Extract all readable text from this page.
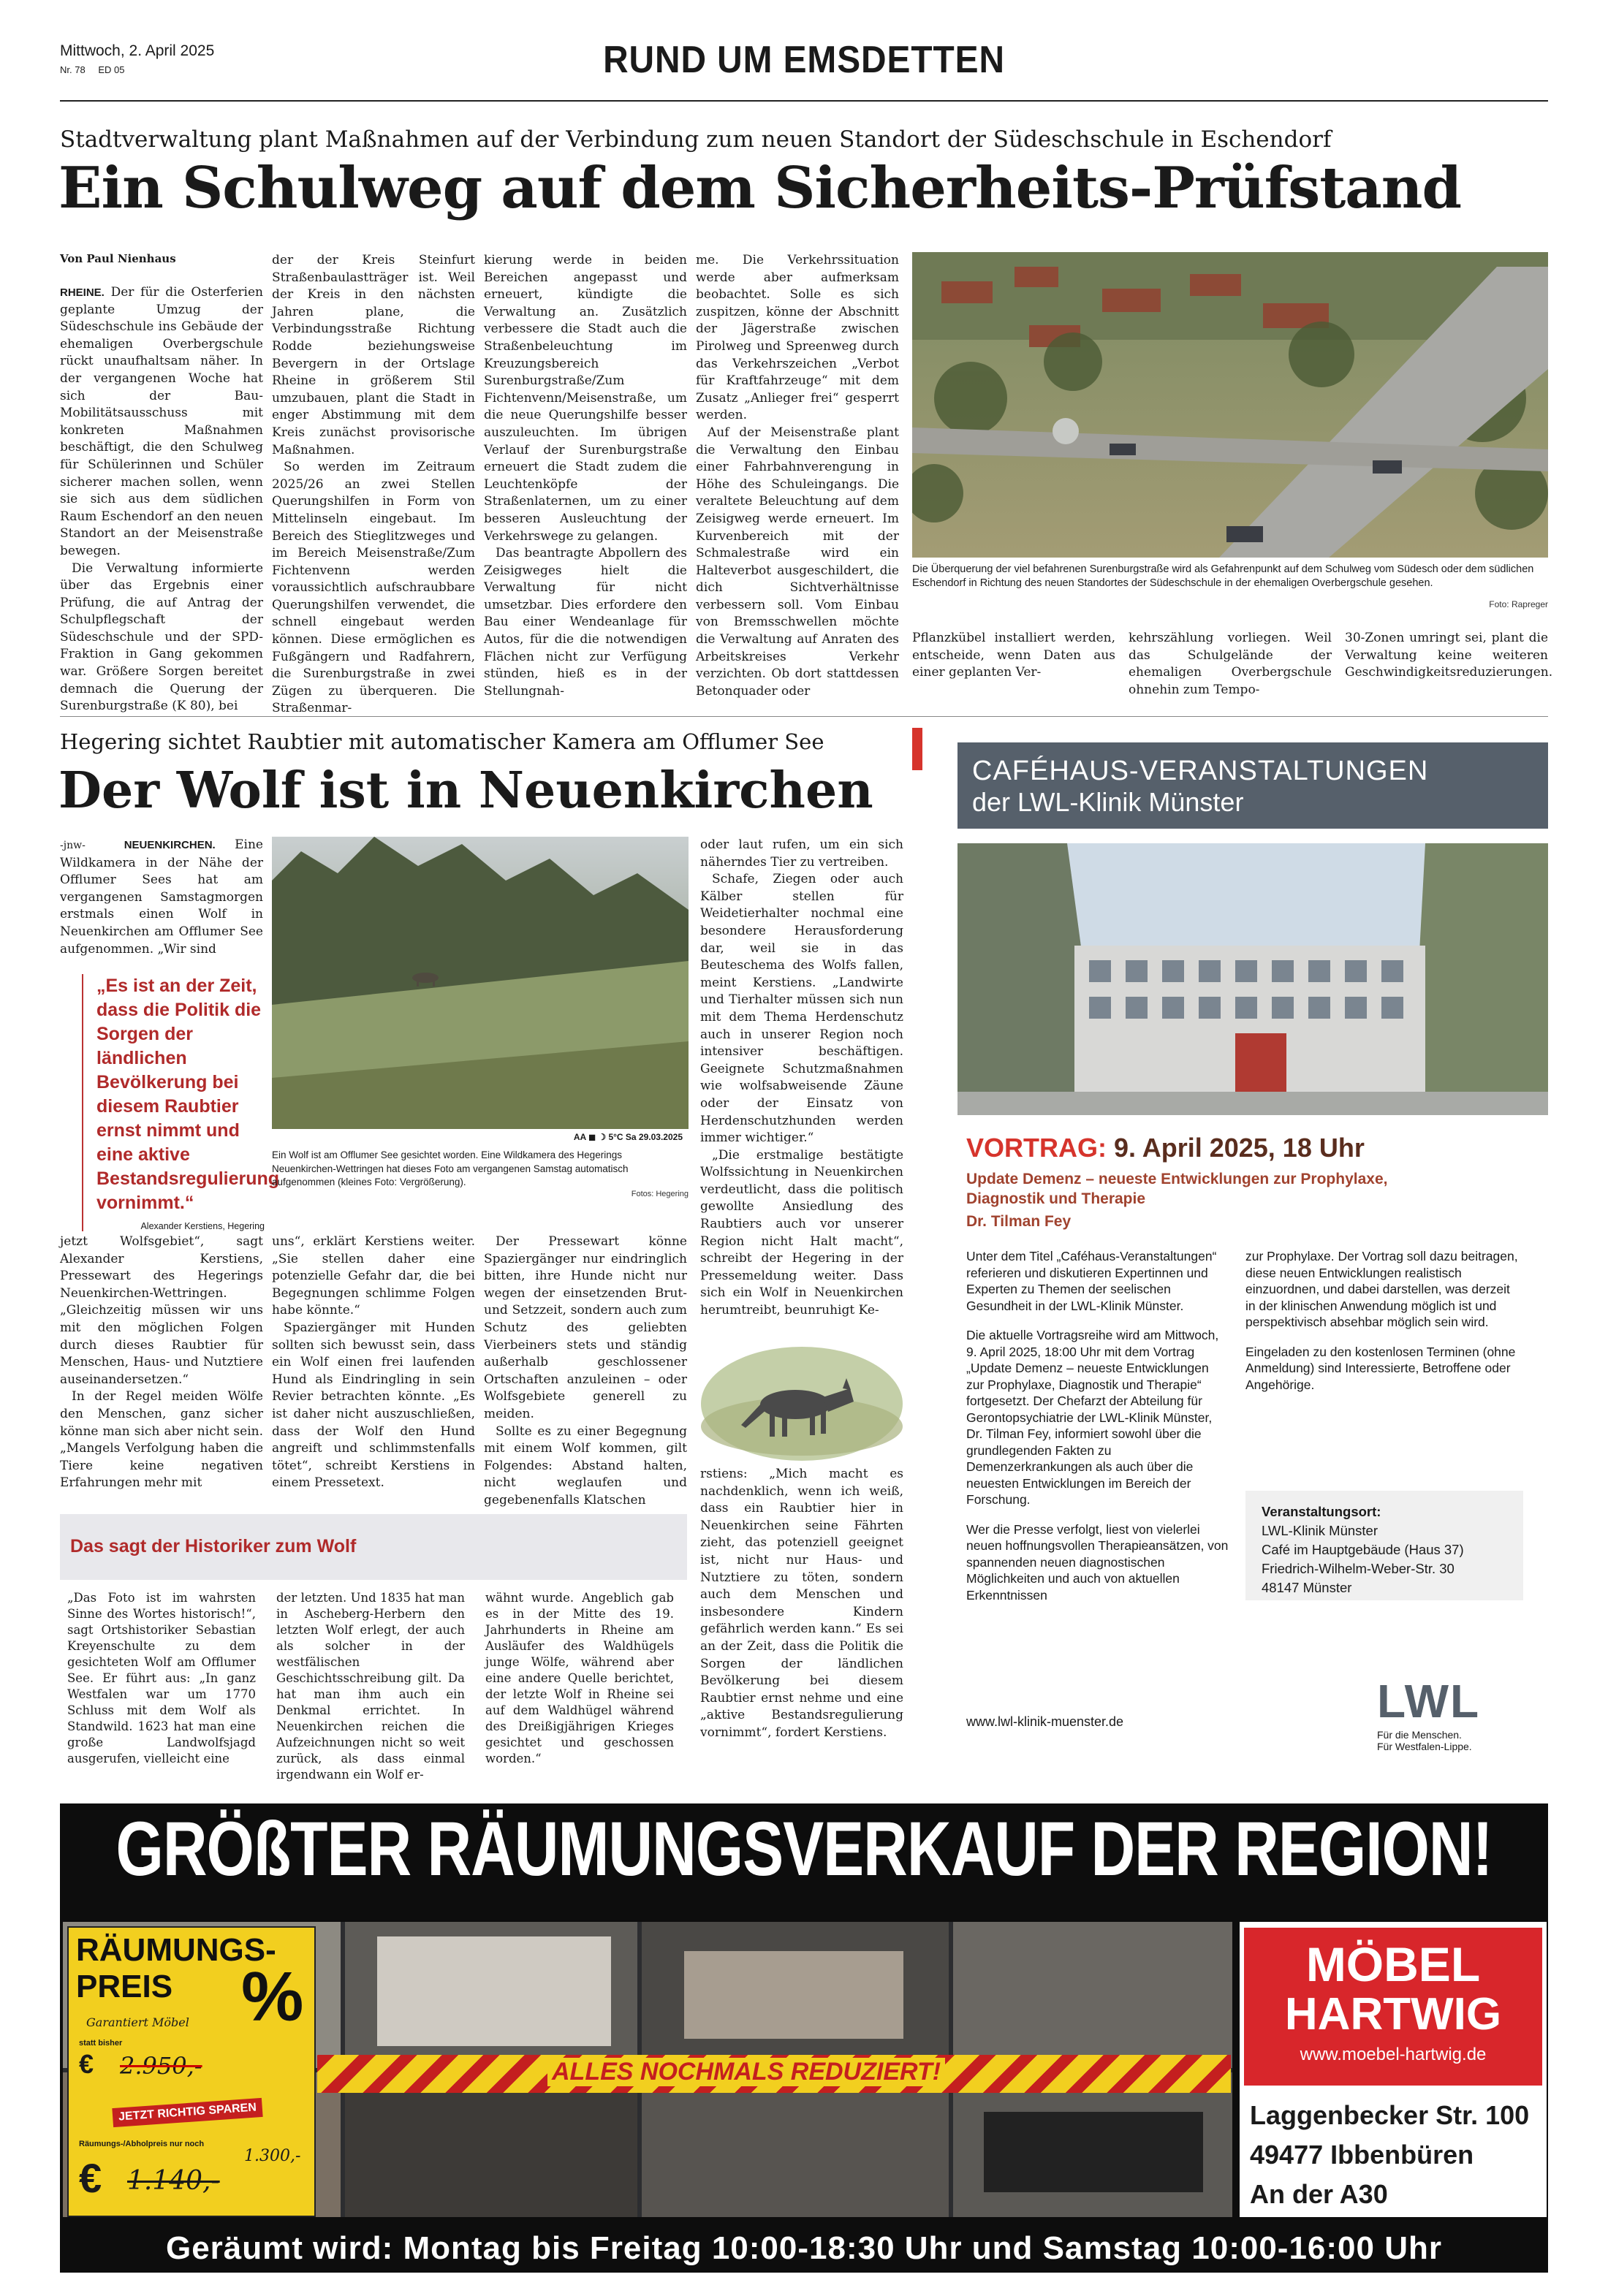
Mittwoch, 2. April 2025
Nr. 78 ED 05	RUND UM EMSDETTEN
Stadtverwaltung plant Maßnahmen auf der Verbindung zum neuen Standort der Südeschschule in Eschendorf
Ein Schulweg auf dem Sicherheits-Prüfstand
Von Paul Nienhaus

RHEINE. Der für die Osterferien geplante Umzug der Südeschschule ins Gebäude der ehemaligen Overbergschule rückt unaufhaltsam näher. In der vergangenen Woche hat sich der Bau- Mobilitätsausschuss mit konkreten Maßnahmen beschäftigt, die den Schulweg für Schülerinnen und Schüler sicherer machen sollen, wenn sie sich aus dem südlichen Raum Eschendorf an den neuen Standort an der Meisenstraße bewegen.

Die Verwaltung informierte über das Ergebnis einer Prüfung, die auf Antrag der Schulpflegschaft der Südeschschule und der SPD-Fraktion in Gang gekommen war. Größere Sorgen bereitet demnach die Querung der Surenburgstraße (K 80), bei

der der Kreis Steinfurt Straßenbaulastträger ist. Weil der Kreis in den nächsten Jahren plane, die Verbindungsstraße Richtung Rodde beziehungsweise Bevergern in der Ortslage Rheine in größerem Stil umzubauen, plant die Stadt in enger Abstimmung mit dem Kreis zunächst provisorische Maßnahmen.

So werden im Zeitraum 2025/26 an zwei Stellen Querungshilfen in Form von Mittelinseln eingebaut. Im Bereich des Stieglitzweges und im Bereich Meisenstraße/Zum Fichtenvenn werden voraussichtlich aufschraubbare Querungshilfen verwendet, die schnell eingebaut werden können. Diese ermöglichen es Fußgängern und Radfahrern, die Surenburgstraße in zwei Zügen zu überqueren. Die Straßenmar-

kierung werde in beiden Bereichen angepasst und erneuert, kündigte die Verwaltung an. Zusätzlich verbessere die Stadt auch die Straßenbeleuchtung im Kreuzungsbereich Surenburgstraße/Zum Fichtenvenn/Meisenstraße, um die neue Querungshilfe besser auszuleuchten. Im übrigen Verlauf der Surenburgstraße erneuert die Stadt zudem die Leuchtenköpfe der Straßenlaternen, um zu einer besseren Ausleuchtung der Verkehrswege zu gelangen.

Das beantragte Abpollern des Zeisigweges hielt die Verwaltung für nicht umsetzbar. Dies erfordere den Bau einer Wendeanlage für Autos, für die die notwendigen Flächen nicht zur Verfügung stünden, hieß es in der Stellungnah-

me. Die Verkehrssituation werde aber aufmerksam beobachtet. Solle es sich zuspitzen, könne der Abschnitt der Jägerstraße zwischen Pirolweg und Spreenweg durch das Verkehrszeichen „Verbot für Kraftfahrzeuge“ mit dem Zusatz „Anlieger frei“ gesperrt werden.

Auf der Meisenstraße plant die Verwaltung den Einbau einer Fahrbahnverengung in Höhe des Schuleingangs. Die veraltete Beleuchtung auf dem Zeisigweg werde erneuert. Im Kurvenbereich mit der Schmalestraße wird ein Halteverbot ausgeschildert, die dich Sichtverhältnisse verbessern soll. Vom Einbau von Bremsschwellen möchte die Verwaltung auf Anraten des Arbeitskreises Verkehr verzichten. Ob dort stattdessen Betonquader oder

Die Überquerung der viel befahrenen Surenburgstraße wird als Gefahrenpunkt auf dem Schulweg vom Südesch oder dem südlichen Eschendorf in Richtung des neuen Standortes der Südeschschule in der ehemaligen Overbergschule gesehen.
Foto: Rapreger

Pflanzkübel installiert werden, entscheide, wenn Daten aus einer geplanten Ver-

kehrszählung vorliegen. Weil das Schulgelände der ehemaligen Overbergschule ohnehin zum Tempo-

30-Zonen umringt sei, plant die Verwaltung keine weiteren Geschwindigkeitsreduzierungen.

Hegering sichtet Raubtier mit automatischer Kamera am Offlumer See
Der Wolf ist in Neuenkirchen

-jnw-	NEUENKIRCHEN. Eine Wildkamera in der Nähe der Offlumer Sees hat am vergangenen Samstagmorgen erstmals einen Wolf in Neuenkirchen am Offlumer See aufgenommen. „Wir sind

„Es ist an der Zeit, dass die Politik die Sorgen der ländlichen Bevölkerung bei diesem Raubtier ernst nimmt und eine aktive Bestandsregulierung vornimmt.“
Alexander Kerstiens, Hegering
AA ◼ ☽ 5°C Sa 29.03.2025
Ein Wolf ist am Offlumer See gesichtet worden. Eine Wildkamera des Hegerings Neuenkirchen-Wettringen hat dieses Foto am vergangenen Samstag automatisch aufgenommen (kleines Foto: Vergrößerung).
Fotos: Hegering

jetzt Wolfsgebiet“, sagt Alexander Kerstiens, Pressewart des Hegerings Neuenkirchen-Wettringen. „Gleichzeitig müssen wir uns mit den möglichen Folgen durch dieses Raubtier für Menschen, Haus- und Nutztiere auseinandersetzen.“

In der Regel meiden Wölfe den Menschen, ganz sicher könne man sich aber nicht sein. „Mangels Verfolgung haben die Tiere keine negativen Erfahrungen mehr mit

uns“, erklärt Kerstiens weiter. „Sie stellen daher eine potenzielle Gefahr dar, die bei Begegnungen schlimme Folgen habe könnte.“

Spaziergänger mit Hunden sollten sich bewusst sein, dass ein Wolf einen frei laufenden Hund als Eindringling in sein Revier betrachten könnte. „Es ist daher nicht auszuschließen, dass der Wolf den Hund angreift und schlimmstenfalls tötet“, schreibt Kerstiens in einem Pressetext.

Der Pressewart könne Spaziergänger nur eindringlich bitten, ihre Hunde nicht nur wegen der einsetzenden Brut- und Setzzeit, sondern auch zum Schutz des geliebten Vierbeiners stets und ständig außerhalb geschlossener Ortschaften anzuleinen – oder Wolfsgebiete generell zu meiden.

Sollte es zu einer Begegnung mit einem Wolf kommen, gilt Folgendes: Abstand halten, nicht weglaufen und gegebenenfalls Klatschen

oder laut rufen, um ein sich näherndes Tier zu vertreiben.

Schafe, Ziegen oder auch Kälber stellen für Weidetierhalter nochmal eine besondere Herausforderung dar, weil sie in das Beuteschema des Wolfs fallen, meint Kerstiens. „Landwirte und Tierhalter müssen sich nun mit dem Thema Herdenschutz auch in unserer Region noch intensiver beschäftigen. Geeignete Schutzmaßnahmen wie wolfsabweisende Zäune oder der Einsatz von Herdenschutzhunden werden immer wichtiger.“

„Die erstmalige bestätigte Wolfssichtung in Neuenkirchen verdeutlicht, dass die politisch gewollte Ansiedlung des Raubtiers auch vor unserer Region nicht Halt macht“, schreibt der Hegering in der Pressemeldung weiter. Dass sich ein Wolf in Neuenkirchen herumtreibt, beunruhigt Ke-

rstiens: „Mich macht es nachdenklich, wenn ich weiß, dass ein Raubtier hier in Neuenkirchen seine Fährten zieht, das potenziell geeignet ist, nicht nur Haus- und Nutztiere zu töten, sondern auch dem Menschen und insbesondere Kindern gefährlich werden kann.“ Es sei an der Zeit, dass die Politik die Sorgen der ländlichen Bevölkerung bei diesem Raubtier ernst nehme und eine „aktive Bestandsregulierung vornimmt“, fordert Kerstiens.

Das sagt der Historiker zum Wolf

„Das Foto ist im wahrsten Sinne des Wortes historisch!“, sagt Ortshistoriker Sebastian Kreyenschulte zu dem gesichteten Wolf am Offlumer See. Er führt aus: „In ganz Westfalen war um 1770 Schluss mit dem Wolf als Standwild. 1623 hat man eine große Landwolfsjagd ausgerufen, vielleicht eine

der letzten. Und 1835 hat man in Ascheberg-Herbern den letzten Wolf erlegt, der auch als solcher in der westfälischen Geschichtsschreibung gilt. Da hat man ihm auch ein Denkmal errichtet. In Neuenkirchen reichen die Aufzeichnungen nicht so weit zurück, als dass einmal irgendwann ein Wolf er-

wähnt wurde. Angeblich gab es in der Mitte des 19. Jahrhunderts in Rheine am Ausläufer des Waldhügels junge Wölfe, während aber eine andere Quelle berichtet, der letzte Wolf in Rheine sei auf dem Waldhügel während des Dreißigjährigen Krieges gesichtet und geschossen worden.“

CAFÉHAUS-VERANSTALTUNGEN
der LWL-Klinik Münster
VORTRAG: 9. April 2025, 18 Uhr
Update Demenz – neueste Entwicklungen zur Prophylaxe, Diagnostik und Therapie
Dr. Tilman Fey

Unter dem Titel „Caféhaus-Veranstaltungen“ referieren und diskutieren Expertinnen und Experten zu Themen der seelischen Gesundheit in der LWL-Klinik Münster.

Die aktuelle Vortragsreihe wird am Mittwoch, 9. April 2025, 18:00 Uhr mit dem Vortrag „Update Demenz – neueste Entwicklungen zur Prophylaxe, Diagnostik und Therapie“ fortgesetzt. Der Chefarzt der Abteilung für Gerontopsychiatrie der LWL-Klinik Münster, Dr. Tilman Fey, informiert sowohl über die grundlegenden Fakten zu Demenzerkrankungen als auch über die neuesten Entwicklungen im Bereich der Forschung.

Wer die Presse verfolgt, liest von vielerlei neuen hoffnungsvollen Therapieansätzen, von spannenden neuen diagnostischen Möglichkeiten und auch von aktuellen Erkenntnissen

zur Prophylaxe. Der Vortrag soll dazu beitragen, diese neuen Entwicklungen realistisch einzuordnen, und dabei darstellen, was derzeit in der klinischen Anwendung möglich ist und perspektivisch absehbar möglich sein wird.

Eingeladen zu den kostenlosen Terminen (ohne Anmeldung) sind Interessierte, Betroffene oder Angehörige.

Veranstaltungsort:
LWL-Klinik Münster
Café im Hauptgebäude (Haus 37)
Friedrich-Wilhelm-Weber-Str. 30
48147 Münster
www.lwl-klinik-muenster.de	LWL
Für die Menschen.
Für Westfalen-Lippe.
GRÖßTER RÄUMUNGSVERKAUF DER REGION!
RÄUMUNGS-PREIS %
Garantiert Möbel
statt bisher
€ 2.950,-
JETZT RICHTIG SPAREN
Räumungs-/Abholpreis nur noch
€ 1.140,-
1.300,-
ALLES NOCHMALS REDUZIERT!
MÖBEL
HARTWIG
www.moebel-hartwig.de
Laggenbecker Str. 100
49477 Ibbenbüren
An der A30
Geräumt wird: Montag bis Freitag 10:00-18:30 Uhr und Samstag 10:00-16:00 Uhr
